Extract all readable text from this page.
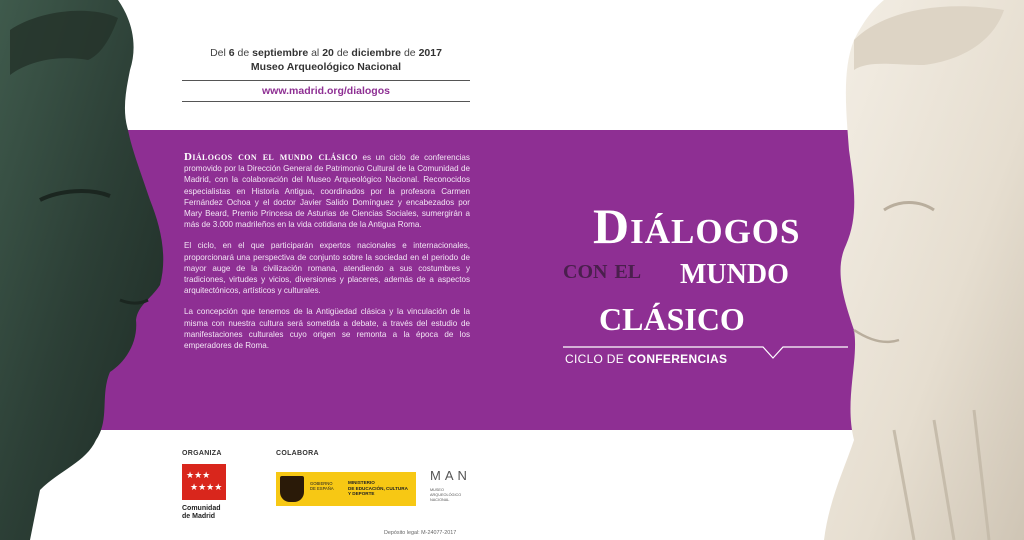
Del 6 de septiembre al 20 de diciembre de 2017
Museo Arqueológico Nacional
www.madrid.org/dialogos

Diálogos con el mundo clásico es un ciclo de conferencias promovido por la Dirección General de Patrimonio Cultural de la Comunidad de Madrid, con la colaboración del Museo Arqueológico Nacional. Reconocidos especialistas en Historia Antigua, coordinados por la profesora Carmen Fernández Ochoa y el doctor Javier Salido Domínguez y encabezados por Mary Beard, Premio Princesa de Asturias de Ciencias Sociales, sumergirán a más de 3.000 madrileños en la vida cotidiana de la Antigua Roma.

El ciclo, en el que participarán expertos nacionales e internacionales, proporcionará una perspectiva de conjunto sobre la sociedad en el periodo de mayor auge de la civilización romana, atendiendo a sus costumbres y tradiciones, virtudes y vicios, diversiones y placeres, además de a aspectos arquitectónicos, artísticos y culturales.

La concepción que tenemos de la Antigüedad clásica y la vinculación de la misma con nuestra cultura será sometida a debate, a través del estudio de manifestaciones culturales cuyo origen se remonta a la época de los emperadores de Roma.

Diálogos
con el mundo
clásico
CICLO DE CONFERENCIAS
ORGANIZA	COLABORA
★★★
★★★★
Comunidad
de Madrid
GOBIERNO
DE ESPAÑA
MINISTERIO
DE EDUCACIÓN, CULTURA
Y DEPORTE
MAN
MUSEO
ARQUEOLÓGICO
NACIONAL
Depósito legal: M-24077-2017
